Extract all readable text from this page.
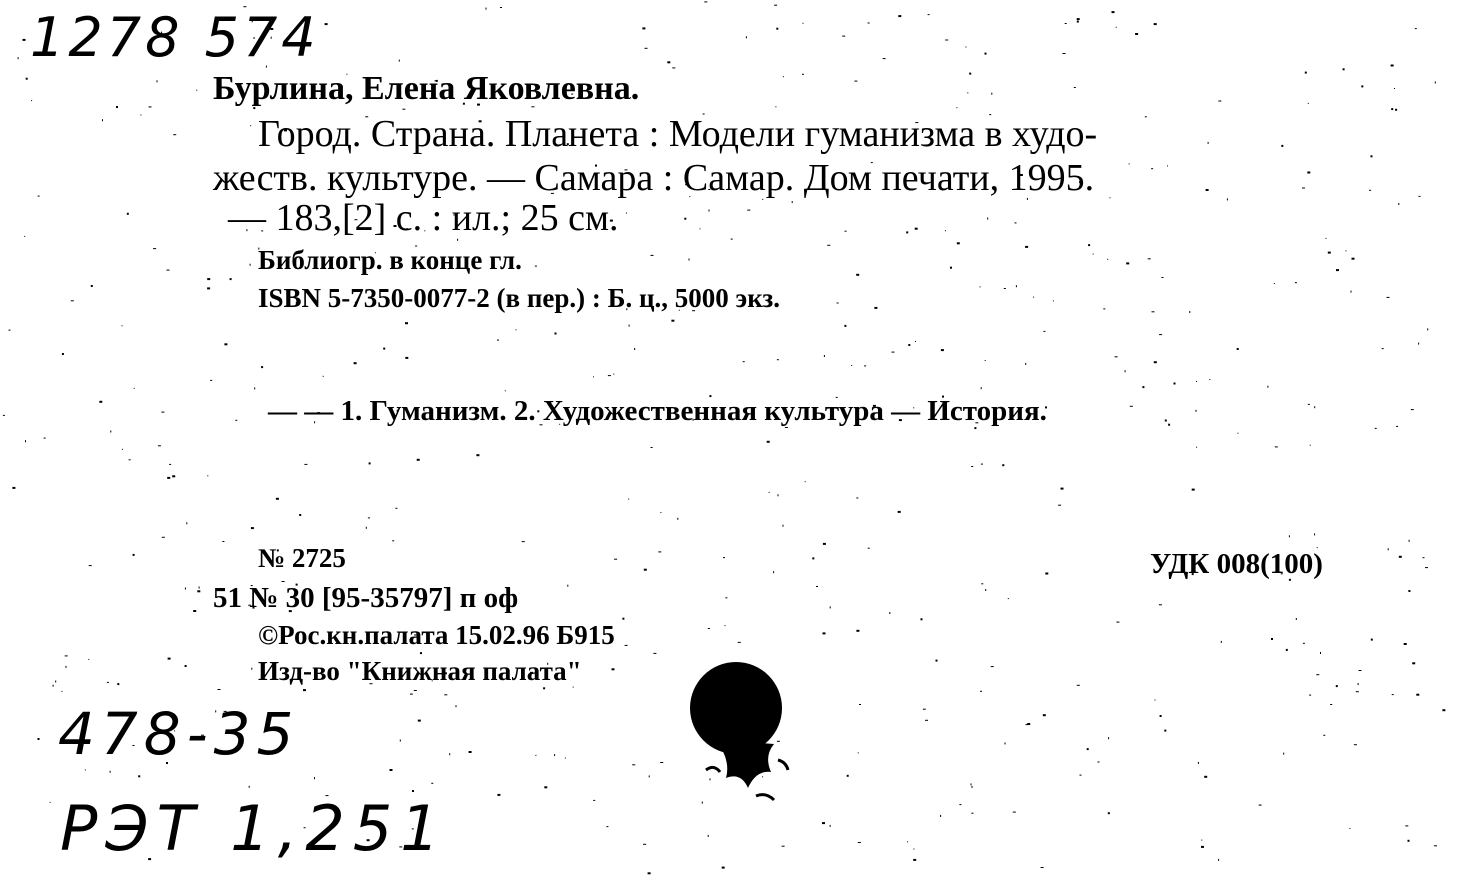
1278 574
Бурлина, Елена Яковлевна.
Город. Страна. Планета : Модели гуманизма в худо-
жеств. культуре. — Самара : Самар. Дом печати, 1995.
— 183,[2] с. : ил.; 25 см.
Библиогр. в конце гл.
ISBN 5-7350-0077-2 (в пер.) : Б. ц., 5000 экз.
— — 1. Гуманизм. 2. Художественная культура — История.
№ 2725	УДК 008(100)
51 № 30 [95-35797] п оф
©Рос.кн.палата 15.02.96 Б915
Изд-во "Книжная палата"
478-35
РЭТ 1,251
